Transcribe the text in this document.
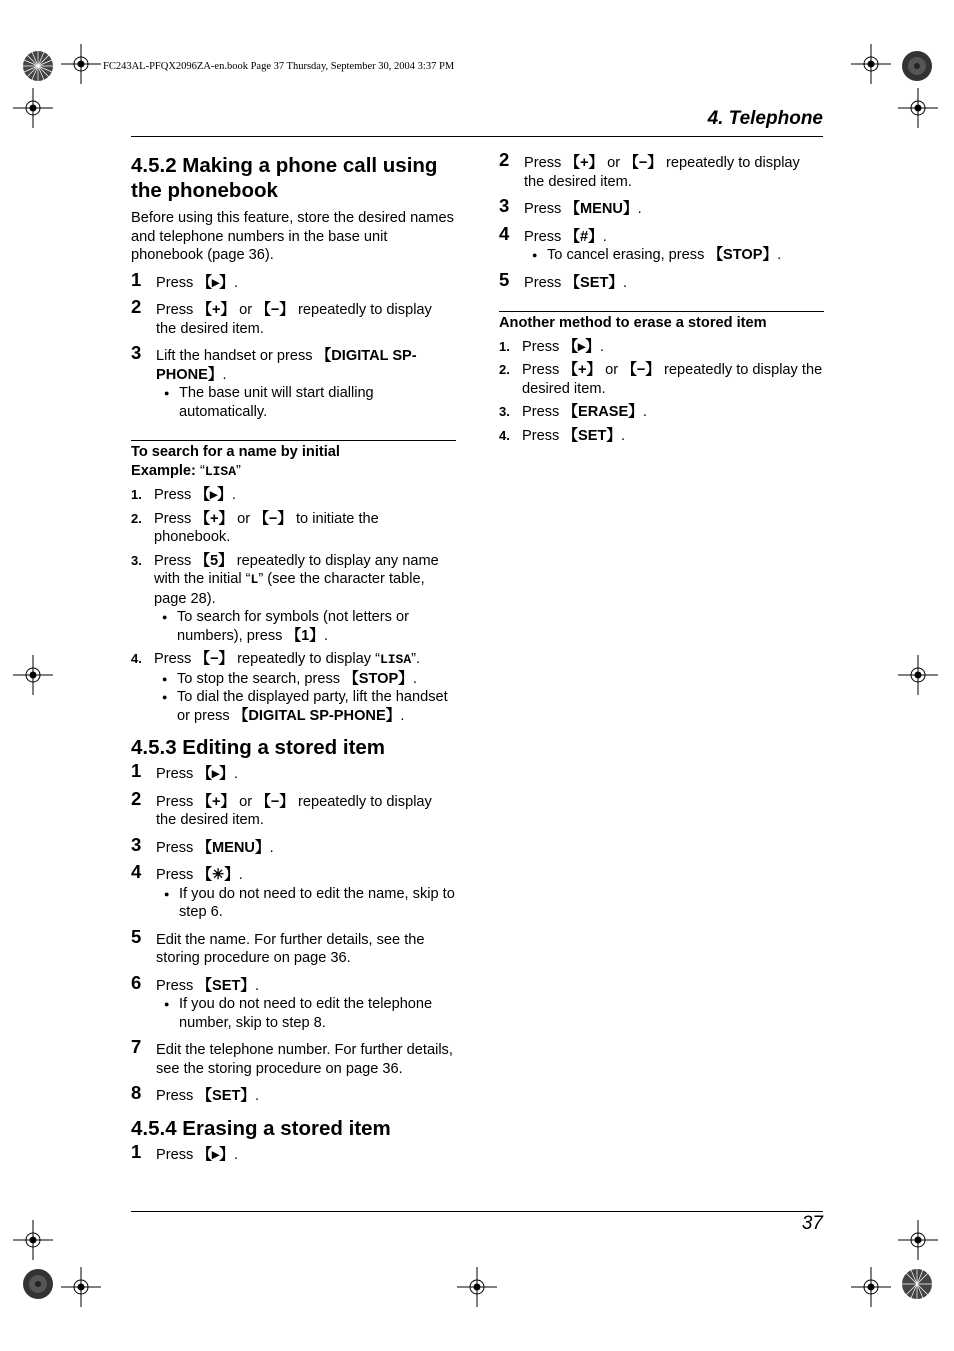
FC243AL-PFQX2096ZA-en.book Page 37 Thursday, September 30, 2004 3:37 PM
4. Telephone
4.5.2 Making a phone call using the phonebook

Before using this feature, store the desired names and telephone numbers in the base unit phonebook (page 36).

1 Press 【▸】.
2 Press 【+】 or 【−】 repeatedly to display the desired item.
3 Lift the handset or press 【DIGITAL SP-PHONE】.
● The base unit will start dialling automatically.
To search for a name by initial
Example: “LISA”
1. Press 【▸】.
2. Press 【+】 or 【−】 to initiate the phonebook.
3. Press 【5】 repeatedly to display any name with the initial “L” (see the character table, page 28).
● To search for symbols (not letters or numbers), press 【1】.
4. Press 【−】 repeatedly to display “LISA”.
● To stop the search, press 【STOP】.
● To dial the displayed party, lift the handset or press 【DIGITAL SP-PHONE】.
4.5.3 Editing a stored item
1 Press 【▸】.
2 Press 【+】 or 【−】 repeatedly to display the desired item.
3 Press 【MENU】.
4 Press 【✳】.
● If you do not need to edit the name, skip to step 6.
5 Edit the name. For further details, see the storing procedure on page 36.
6 Press 【SET】.
● If you do not need to edit the telephone number, skip to step 8.
7 Edit the telephone number. For further details, see the storing procedure on page 36.
8 Press 【SET】.
4.5.4 Erasing a stored item
1 Press 【▸】.
2 Press 【+】 or 【−】 repeatedly to display the desired item.
3 Press 【MENU】.
4 Press 【#】.
● To cancel erasing, press 【STOP】.
5 Press 【SET】.
Another method to erase a stored item
1. Press 【▸】.
2. Press 【+】 or 【−】 repeatedly to display the desired item.
3. Press 【ERASE】.
4. Press 【SET】.
37
